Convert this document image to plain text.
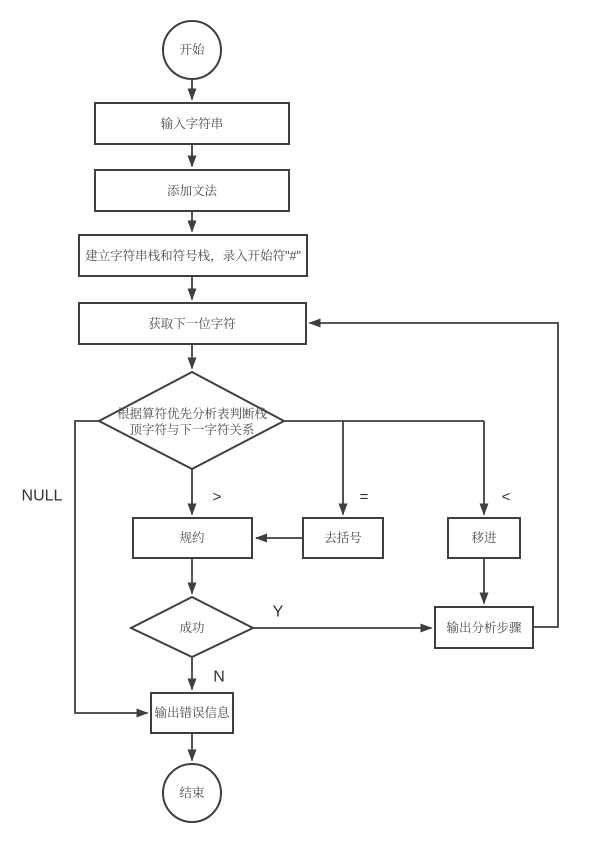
>	=	<
NULL
Y
N
开始
输入字符串
添加文法
建立字符串栈和符号栈，录入开始符"#"
获取下一位字符
根据算符优先分析表判断栈
顶字符与下一字符关系
规约	去括号	移进
成功	输出分析步骤
输出错误信息
结束
